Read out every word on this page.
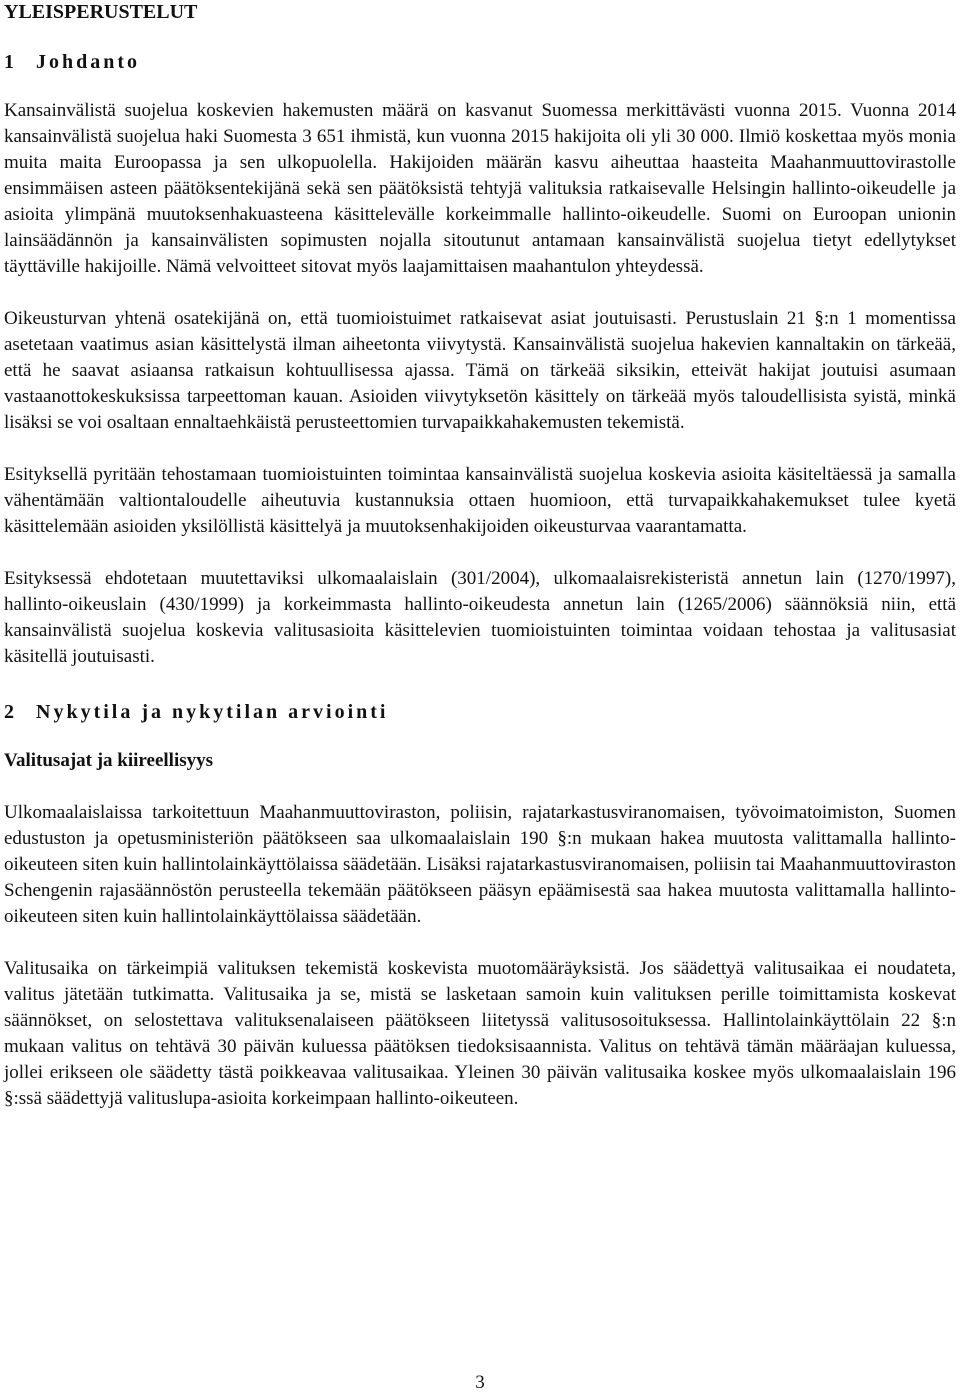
YLEISPERUSTELUT
1 Johdanto

Kansainvälistä suojelua koskevien hakemusten määrä on kasvanut Suomessa merkittävästi vuonna 2015. Vuonna 2014 kansainvälistä suojelua haki Suomesta 3 651 ihmistä, kun vuonna 2015 hakijoita oli yli 30 000. Ilmiö koskettaa myös monia muita maita Euroopassa ja sen ulkopuolella. Hakijoiden määrän kasvu aiheuttaa haasteita Maahanmuuttovirastolle ensimmäisen asteen päätöksentekijänä sekä sen päätöksistä tehtyjä valituksia ratkaisevalle Helsingin hallinto-oikeudelle ja asioita ylimpänä muutoksenhakuasteena käsittelevälle korkeimmalle hallinto-oikeudelle. Suomi on Euroopan unionin lainsäädännön ja kansainvälisten sopimusten nojalla sitoutunut antamaan kansainvälistä suojelua tietyt edellytykset täyttäville hakijoille. Nämä velvoitteet sitovat myös laajamittaisen maahantulon yhteydessä.

Oikeusturvan yhtenä osatekijänä on, että tuomioistuimet ratkaisevat asiat joutuisasti. Perustuslain 21 §:n 1 momentissa asetetaan vaatimus asian käsittelystä ilman aiheetonta viivytystä. Kansainvälistä suojelua hakevien kannaltakin on tärkeää, että he saavat asiaansa ratkaisun kohtuullisessa ajassa. Tämä on tärkeää siksikin, etteivät hakijat joutuisi asumaan vastaanottokeskuksissa tarpeettoman kauan. Asioiden viivytyksetön käsittely on tärkeää myös taloudellisista syistä, minkä lisäksi se voi osaltaan ennaltaehkäistä perusteettomien turvapaikkahakemusten tekemistä.

Esityksellä pyritään tehostamaan tuomioistuinten toimintaa kansainvälistä suojelua koskevia asioita käsiteltäessä ja samalla vähentämään valtiontaloudelle aiheutuvia kustannuksia ottaen huomioon, että turvapaikkahakemukset tulee kyetä käsittelemään asioiden yksilöllistä käsittelyä ja muutoksenhakijoiden oikeusturvaa vaarantamatta.

Esityksessä ehdotetaan muutettaviksi ulkomaalaislain (301/2004), ulkomaalaisrekisteristä annetun lain (1270/1997), hallinto-oikeuslain (430/1999) ja korkeimmasta hallinto-oikeudesta annetun lain (1265/2006) säännöksiä niin, että kansainvälistä suojelua koskevia valitusasioita käsittelevien tuomioistuinten toimintaa voidaan tehostaa ja valitusasiat käsitellä joutuisasti.

2 Nykytila ja nykytilan arviointi
Valitusajat ja kiireellisyys

Ulkomaalaislaissa tarkoitettuun Maahanmuuttoviraston, poliisin, rajatarkastusviranomaisen, työvoimatoimiston, Suomen edustuston ja opetusministeriön päätökseen saa ulkomaalaislain 190 §:n mukaan hakea muutosta valittamalla hallinto-oikeuteen siten kuin hallintolainkäyttölaissa säädetään. Lisäksi rajatarkastusviranomaisen, poliisin tai Maahanmuuttoviraston Schengenin rajasäännöstön perusteella tekemään päätökseen pääsyn epäämisestä saa hakea muutosta valittamalla hallinto-oikeuteen siten kuin hallintolainkäyttölaissa säädetään.

Valitusaika on tärkeimpiä valituksen tekemistä koskevista muotomääräyksistä. Jos säädettyä valitusaikaa ei noudateta, valitus jätetään tutkimatta. Valitusaika ja se, mistä se lasketaan samoin kuin valituksen perille toimittamista koskevat säännökset, on selostettava valituksenalaiseen päätökseen liitetyssä valitusosoituksessa. Hallintolainkäyttölain 22 §:n mukaan valitus on tehtävä 30 päivän kuluessa päätöksen tiedoksisaannista. Valitus on tehtävä tämän määräajan kuluessa, jollei erikseen ole säädetty tästä poikkeavaa valitusaikaa. Yleinen 30 päivän valitusaika koskee myös ulkomaalaislain 196 §:ssä säädettyjä valituslupa-asioita korkeimpaan hallinto-oikeuteen.

3
